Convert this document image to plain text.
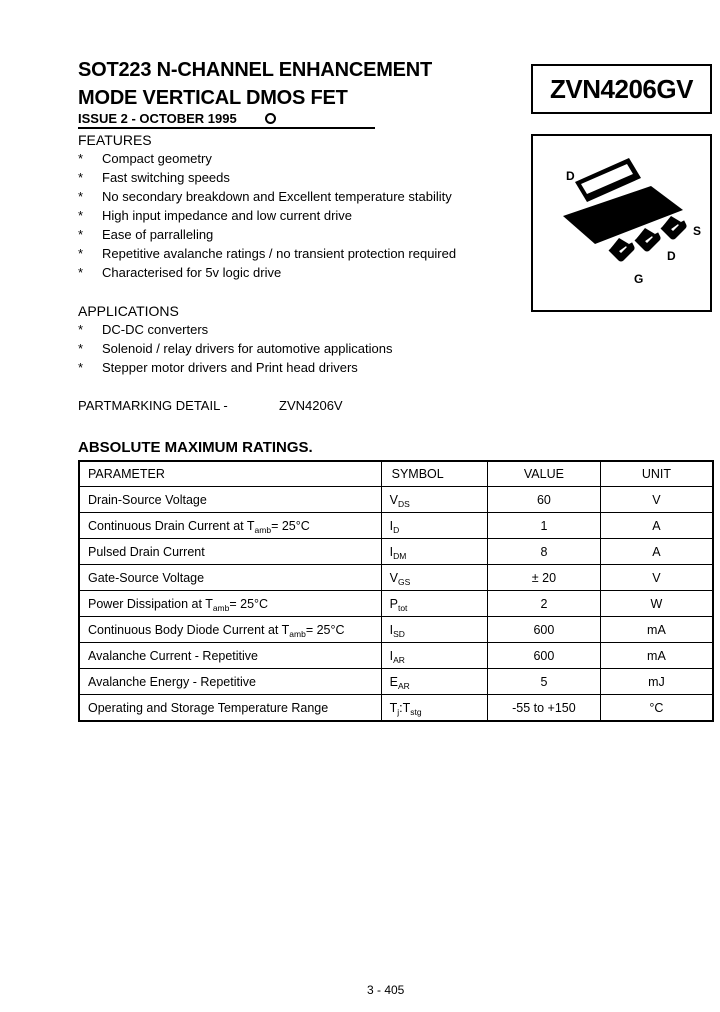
SOT223 N-CHANNEL ENHANCEMENT
MODE VERTICAL DMOS FET	ZVN4206GV
ISSUE 2 - OCTOBER 1995
FEATURES
* Compact geometry
* Fast switching speeds
* No secondary breakdown and Excellent temperature stability
* High input impedance and low current drive
* Ease of parralleling
* Repetitive avalanche ratings / no transient protection required
* Characterised for 5v logic drive
D
S
D
G
APPLICATIONS
* DC-DC converters
* Solenoid / relay drivers for automotive applications
* Stepper motor drivers and Print head drivers
PARTMARKING DETAIL -	ZVN4206V
ABSOLUTE MAXIMUM RATINGS.
PARAMETER	SYMBOL	VALUE	UNIT
Drain-Source Voltage	$V_{DS}$	60	V
Continuous Drain Current at $T_{amb}= 25^\circ C$	$I_D$	1	A
Pulsed Drain Current	$I_{DM}$	8	A
Gate-Source Voltage	$V_{GS}$	± 20	V
Power Dissipation at $T_{amb}= 25^\circ C$	$P_{tot}$	2	W
Continuous Body Diode Current at $T_{amb}= 25^\circ C$	$I_{SD}$	600	mA
Avalanche Current - Repetitive	$I_{AR}$	600	mA
Avalanche Energy - Repetitive	$E_{AR}$	5	mJ
Operating and Storage Temperature Range	$T_j:T_{stg}$	-55 to +150	°C
3 - 405
